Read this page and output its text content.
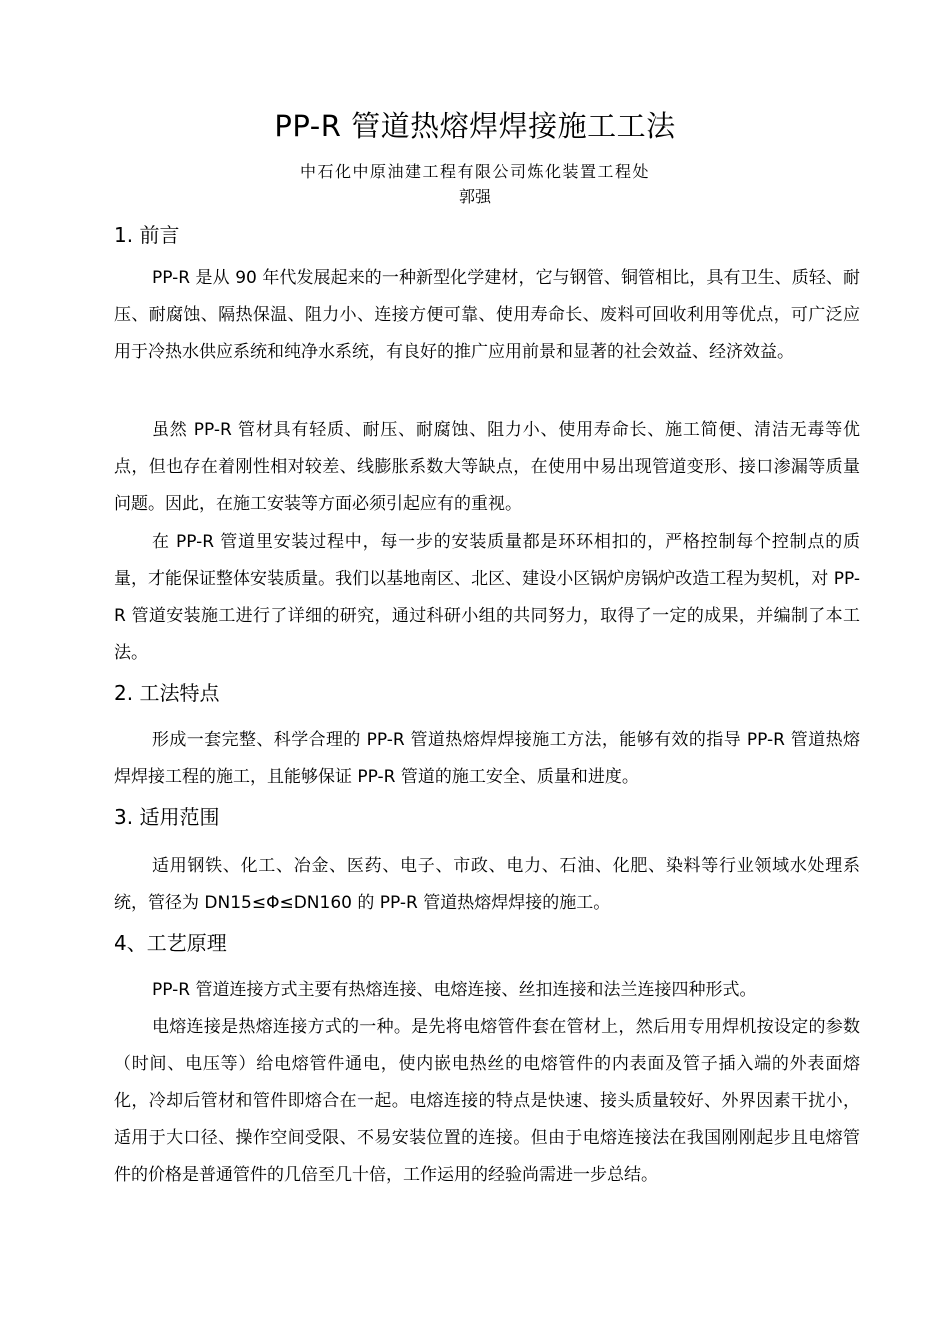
PP-R 管道热熔焊焊接施工工法
中石化中原油建工程有限公司炼化装置工程处
郭强
1. 前言

PP-R 是从 90 年代发展起来的一种新型化学建材，它与钢管、铜管相比，具有卫生、质轻、耐压、耐腐蚀、隔热保温、阻力小、连接方便可靠、使用寿命长、废料可回收利用等优点，可广泛应用于冷热水供应系统和纯净水系统，有良好的推广应用前景和显著的社会效益、经济效益。

虽然 PP-R 管材具有轻质、耐压、耐腐蚀、阻力小、使用寿命长、施工简便、清洁无毒等优点，但也存在着刚性相对较差、线膨胀系数大等缺点，在使用中易出现管道变形、接口渗漏等质量问题。因此，在施工安装等方面必须引起应有的重视。

在 PP-R 管道里安装过程中，每一步的安装质量都是环环相扣的，严格控制每个控制点的质量，才能保证整体安装质量。我们以基地南区、北区、建设小区锅炉房锅炉改造工程为契机，对 PP-R 管道安装施工进行了详细的研究，通过科研小组的共同努力，取得了一定的成果，并编制了本工法。

2. 工法特点

形成一套完整、科学合理的 PP-R 管道热熔焊焊接施工方法，能够有效的指导 PP-R 管道热熔焊焊接工程的施工，且能够保证 PP-R 管道的施工安全、质量和进度。

3. 适用范围

适用钢铁、化工、冶金、医药、电子、市政、电力、石油、化肥、染料等行业领域水处理系统，管径为 DN15≤Φ≤DN160 的 PP-R 管道热熔焊焊接的施工。

4、工艺原理

PP-R 管道连接方式主要有热熔连接、电熔连接、丝扣连接和法兰连接四种形式。

电熔连接是热熔连接方式的一种。是先将电熔管件套在管材上，然后用专用焊机按设定的参数（时间、电压等）给电熔管件通电，使内嵌电热丝的电熔管件的内表面及管子插入端的外表面熔化，冷却后管材和管件即熔合在一起。电熔连接的特点是快速、接头质量较好、外界因素干扰小，适用于大口径、操作空间受限、不易安装位置的连接。但由于电熔连接法在我国刚刚起步且电熔管件的价格是普通管件的几倍至几十倍，工作运用的经验尚需进一步总结。
